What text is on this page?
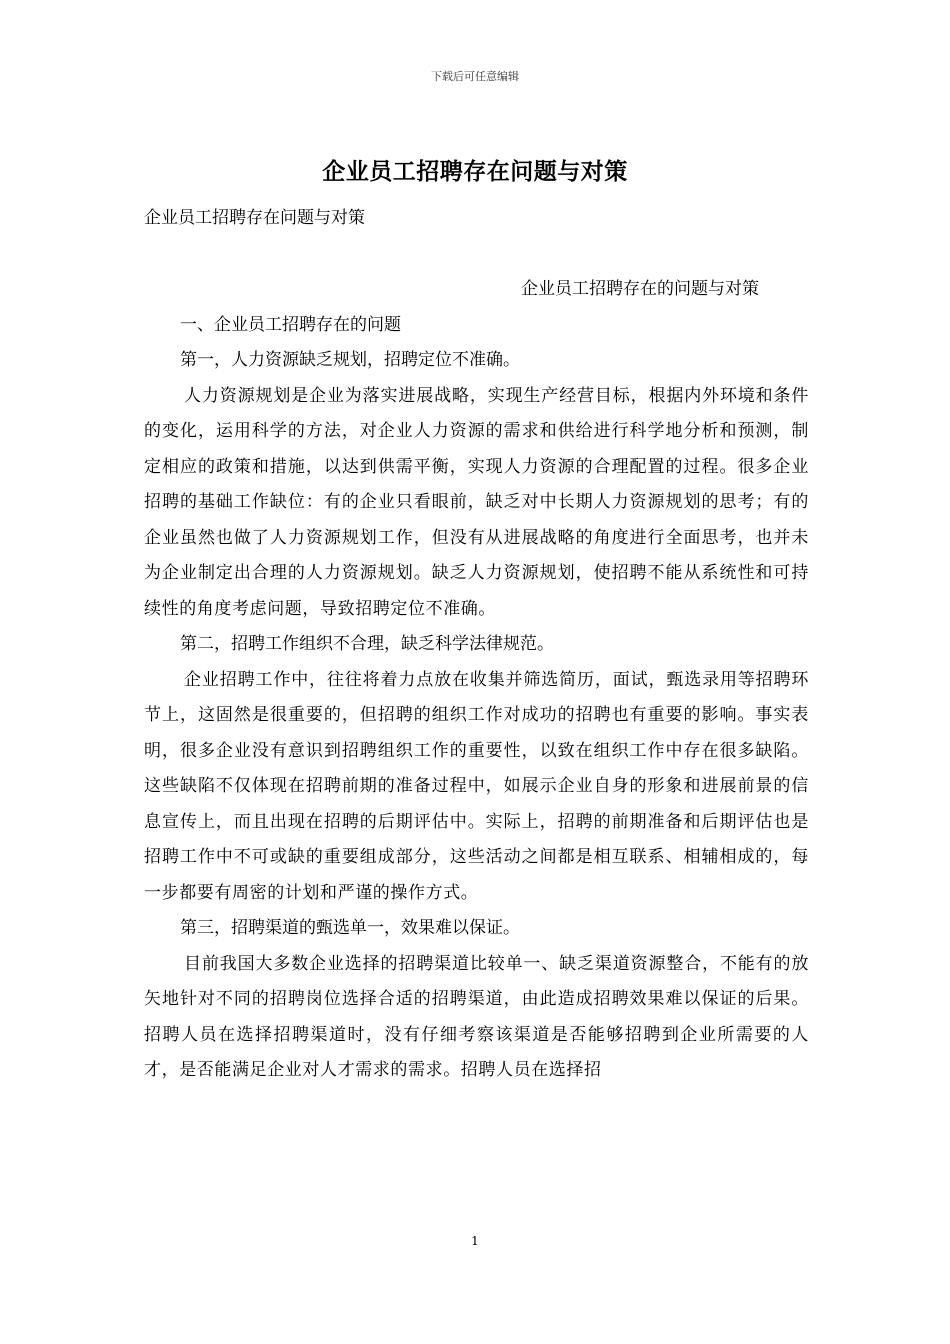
下载后可任意编辑
企业员工招聘存在问题与对策
企业员工招聘存在问题与对策

企业员工招聘存在的问题与对策

一、企业员工招聘存在的问题

第一，人力资源缺乏规划，招聘定位不准确。

人力资源规划是企业为落实进展战略，实现生产经营目标，根据内外环境和条件的变化，运用科学的方法，对企业人力资源的需求和供给进行科学地分析和预测，制定相应的政策和措施，以达到供需平衡，实现人力资源的合理配置的过程。很多企业招聘的基础工作缺位：有的企业只看眼前，缺乏对中长期人力资源规划的思考；有的企业虽然也做了人力资源规划工作，但没有从进展战略的角度进行全面思考，也并未为企业制定出合理的人力资源规划。缺乏人力资源规划，使招聘不能从系统性和可持续性的角度考虑问题，导致招聘定位不准确。

第二，招聘工作组织不合理，缺乏科学法律规范。

企业招聘工作中，往往将着力点放在收集并筛选简历，面试，甄选录用等招聘环节上，这固然是很重要的，但招聘的组织工作对成功的招聘也有重要的影响。事实表明，很多企业没有意识到招聘组织工作的重要性，以致在组织工作中存在很多缺陷。这些缺陷不仅体现在招聘前期的准备过程中，如展示企业自身的形象和进展前景的信息宣传上，而且出现在招聘的后期评估中。实际上，招聘的前期准备和后期评估也是招聘工作中不可或缺的重要组成部分，这些活动之间都是相互联系、相辅相成的，每一步都要有周密的计划和严谨的操作方式。

第三，招聘渠道的甄选单一，效果难以保证。

目前我国大多数企业选择的招聘渠道比较单一、缺乏渠道资源整合，不能有的放矢地针对不同的招聘岗位选择合适的招聘渠道，由此造成招聘效果难以保证的后果。招聘人员在选择招聘渠道时，没有仔细考察该渠道是否能够招聘到企业所需要的人才，是否能满足企业对人才需求的需求。招聘人员在选择招

1
